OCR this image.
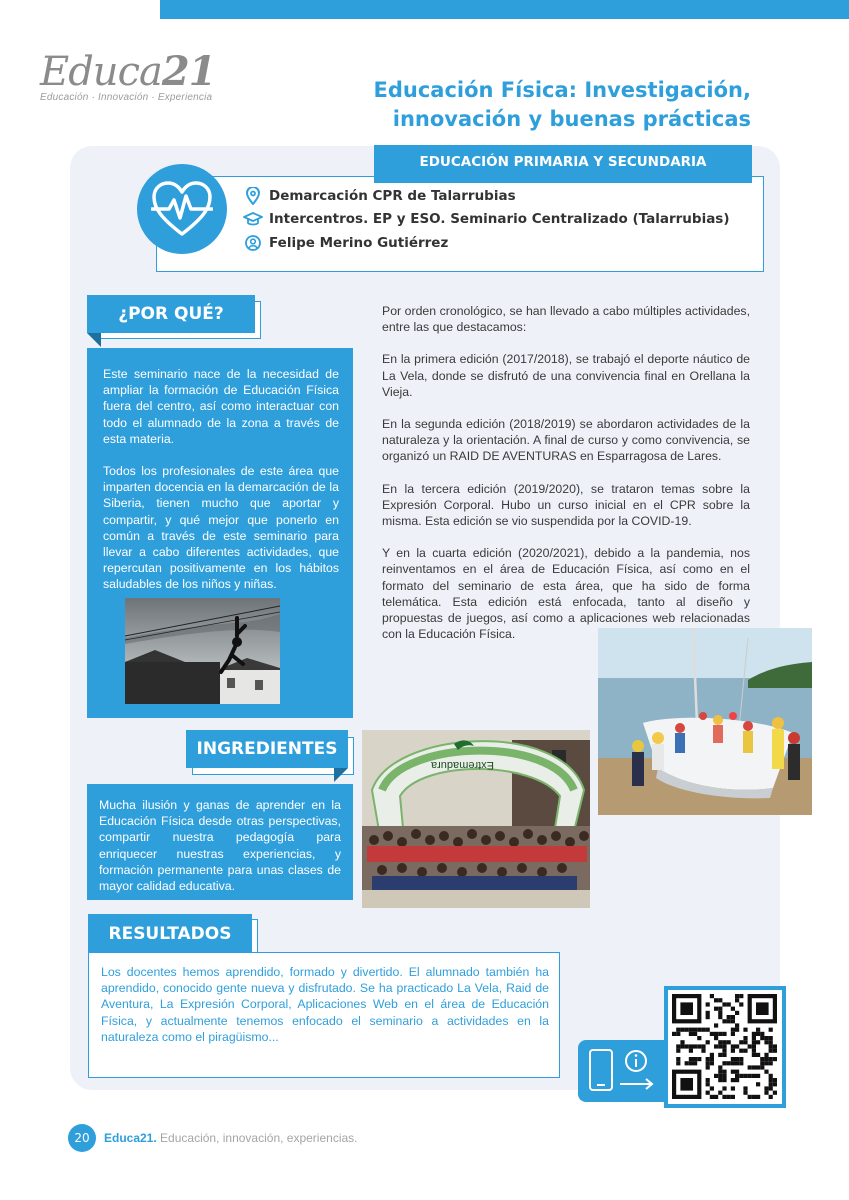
Educa21
Educación · Innovación · Experiencia	Educación Física: Investigación,
innovación y buenas prácticas
EDUCACIÓN PRIMARIA Y SECUNDARIA
Demarcación CPR de Talarrubias
Intercentros. EP y ESO. Seminario Centralizado (Talarrubias)
Felipe Merino Gutiérrez
¿POR QUÉ?

Este seminario nace de la necesidad de ampliar la formación de Educación Física fuera del centro, así como interactuar con todo el alumnado de la zona a través de esta materia.

Todos los profesionales de este área que imparten docencia en la demarcación de la Siberia, tienen mucho que aportar y compartir, y qué mejor que ponerlo en común a través de este seminario para llevar a cabo diferentes actividades, que repercutan positivamente en los hábitos saludables de los niños y niñas.

Por orden cronológico, se han llevado a cabo múltiples actividades, entre las que destacamos:

En la primera edición (2017/2018), se trabajó el deporte náutico de La Vela, donde se disfrutó de una convivencia final en Orellana la Vieja.

En la segunda edición (2018/2019) se abordaron actividades de la naturaleza y la orientación. A final de curso y como convivencia, se organizó un RAID DE AVENTURAS en Esparragosa de Lares.

En la tercera edición (2019/2020), se trataron temas sobre la Expresión Corporal. Hubo un curso inicial en el CPR sobre la misma. Esta edición se vio suspendida por la COVID-19.

Y en la cuarta edición (2020/2021), debido a la pandemia, nos reinventamos en el área de Educación Física, así como en el formato del seminario de esta área, que ha sido de forma telemática. Esta edición está enfocada, tanto al diseño y propuestas de juegos, así como a aplicaciones web relacionadas con la Educación Física.

INGREDIENTES

Mucha ilusión y ganas de aprender en la Educación Física desde otras perspectivas, compartir nuestra pedagogía para enriquecer nuestras experiencias, y formación permanente para unas clases de mayor calidad educativa.

Extremadura
RESULTADOS
Los docentes hemos aprendido, formado y divertido. El alumnado también ha aprendido, conocido gente nueva y disfrutado. Se ha practicado La Vela, Raid de Aventura, La Expresión Corporal, Aplicaciones Web en el área de Educación Física, y actualmente tenemos enfocado el seminario a actividades en la naturaleza como el piragüismo...
20	Educa21. Educación, innovación, experiencias.
